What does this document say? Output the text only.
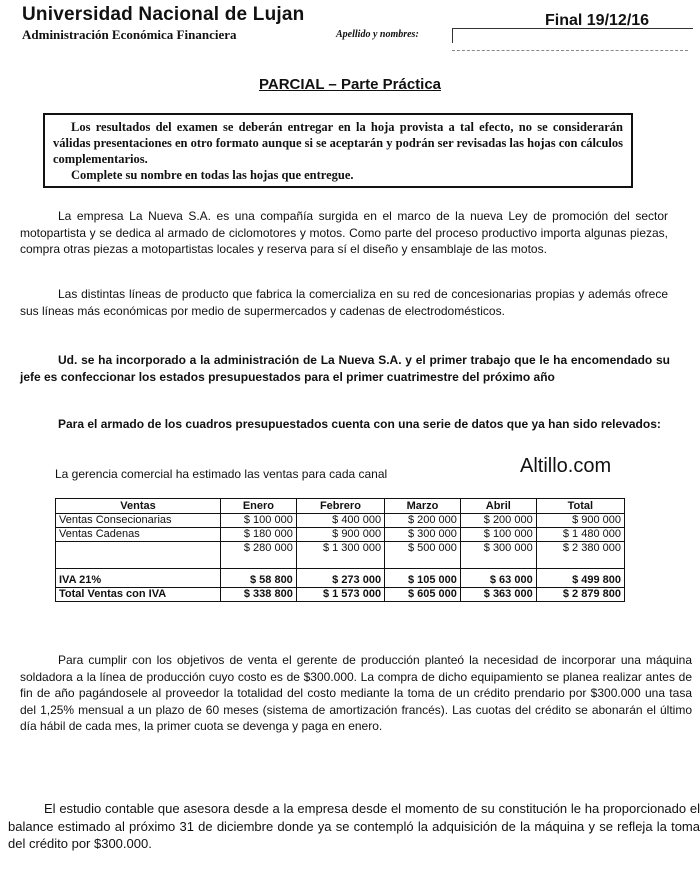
Universidad Nacional de Lujan
Administración Económica Financiera	Apellido y nombres:
Final 19/12/16
PARCIAL – Parte Práctica

Los resultados del examen se deberán entregar en la hoja provista a tal efecto, no se considerarán válidas presentaciones en otro formato aunque si se aceptarán y podrán ser revisadas las hojas con cálculos complementarios.

Complete su nombre en todas las hojas que entregue.

La empresa La Nueva S.A. es una compañía surgida en el marco de la nueva Ley de promoción del sector motopartista y se dedica al armado de ciclomotores y motos. Como parte del proceso productivo importa algunas piezas, compra otras piezas a motopartistas locales y reserva para sí el diseño y ensamblaje de las motos.

Las distintas líneas de producto que fabrica la comercializa en su red de concesionarias propias y además ofrece sus líneas más económicas por medio de supermercados y cadenas de electrodomésticos.

Ud. se ha incorporado a la administración de La Nueva S.A. y el primer trabajo que le ha encomendado su jefe es confeccionar los estados presupuestados para el primer cuatrimestre del próximo año

Para el armado de los cuadros presupuestados cuenta con una serie de datos que ya han sido relevados:

La gerencia comercial ha estimado las ventas para cada canal	Altillo.com
Ventas	Enero	Febrero	Marzo	Abril	Total
Ventas Consecionarias	$ 100 000	$ 400 000	$ 200 000	$ 200 000	$ 900 000
Ventas Cadenas	$ 180 000	$ 900 000	$ 300 000	$ 100 000	$ 1 480 000
	$ 280 000	$ 1 300 000	$ 500 000	$ 300 000	$ 2 380 000
IVA 21%	$ 58 800	$ 273 000	$ 105 000	$ 63 000	$ 499 800
Total Ventas con IVA	$ 338 800	$ 1 573 000	$ 605 000	$ 363 000	$ 2 879 800

Para cumplir con los objetivos de venta el gerente de producción planteó la necesidad de incorporar una máquina soldadora a la línea de producción cuyo costo es de $300.000. La compra de dicho equipamiento se planea realizar antes de fin de año pagándosele al proveedor la totalidad del costo mediante la toma de un crédito prendario por $300.000 una tasa del 1,25% mensual a un plazo de 60 meses (sistema de amortización francés). Las cuotas del crédito se abonarán el último día hábil de cada mes, la primer cuota se devenga y paga en enero.

El estudio contable que asesora desde a la empresa desde el momento de su constitución le ha proporcionado el balance estimado al próximo 31 de diciembre donde ya se contempló la adquisición de la máquina y se refleja la toma del crédito por $300.000.
